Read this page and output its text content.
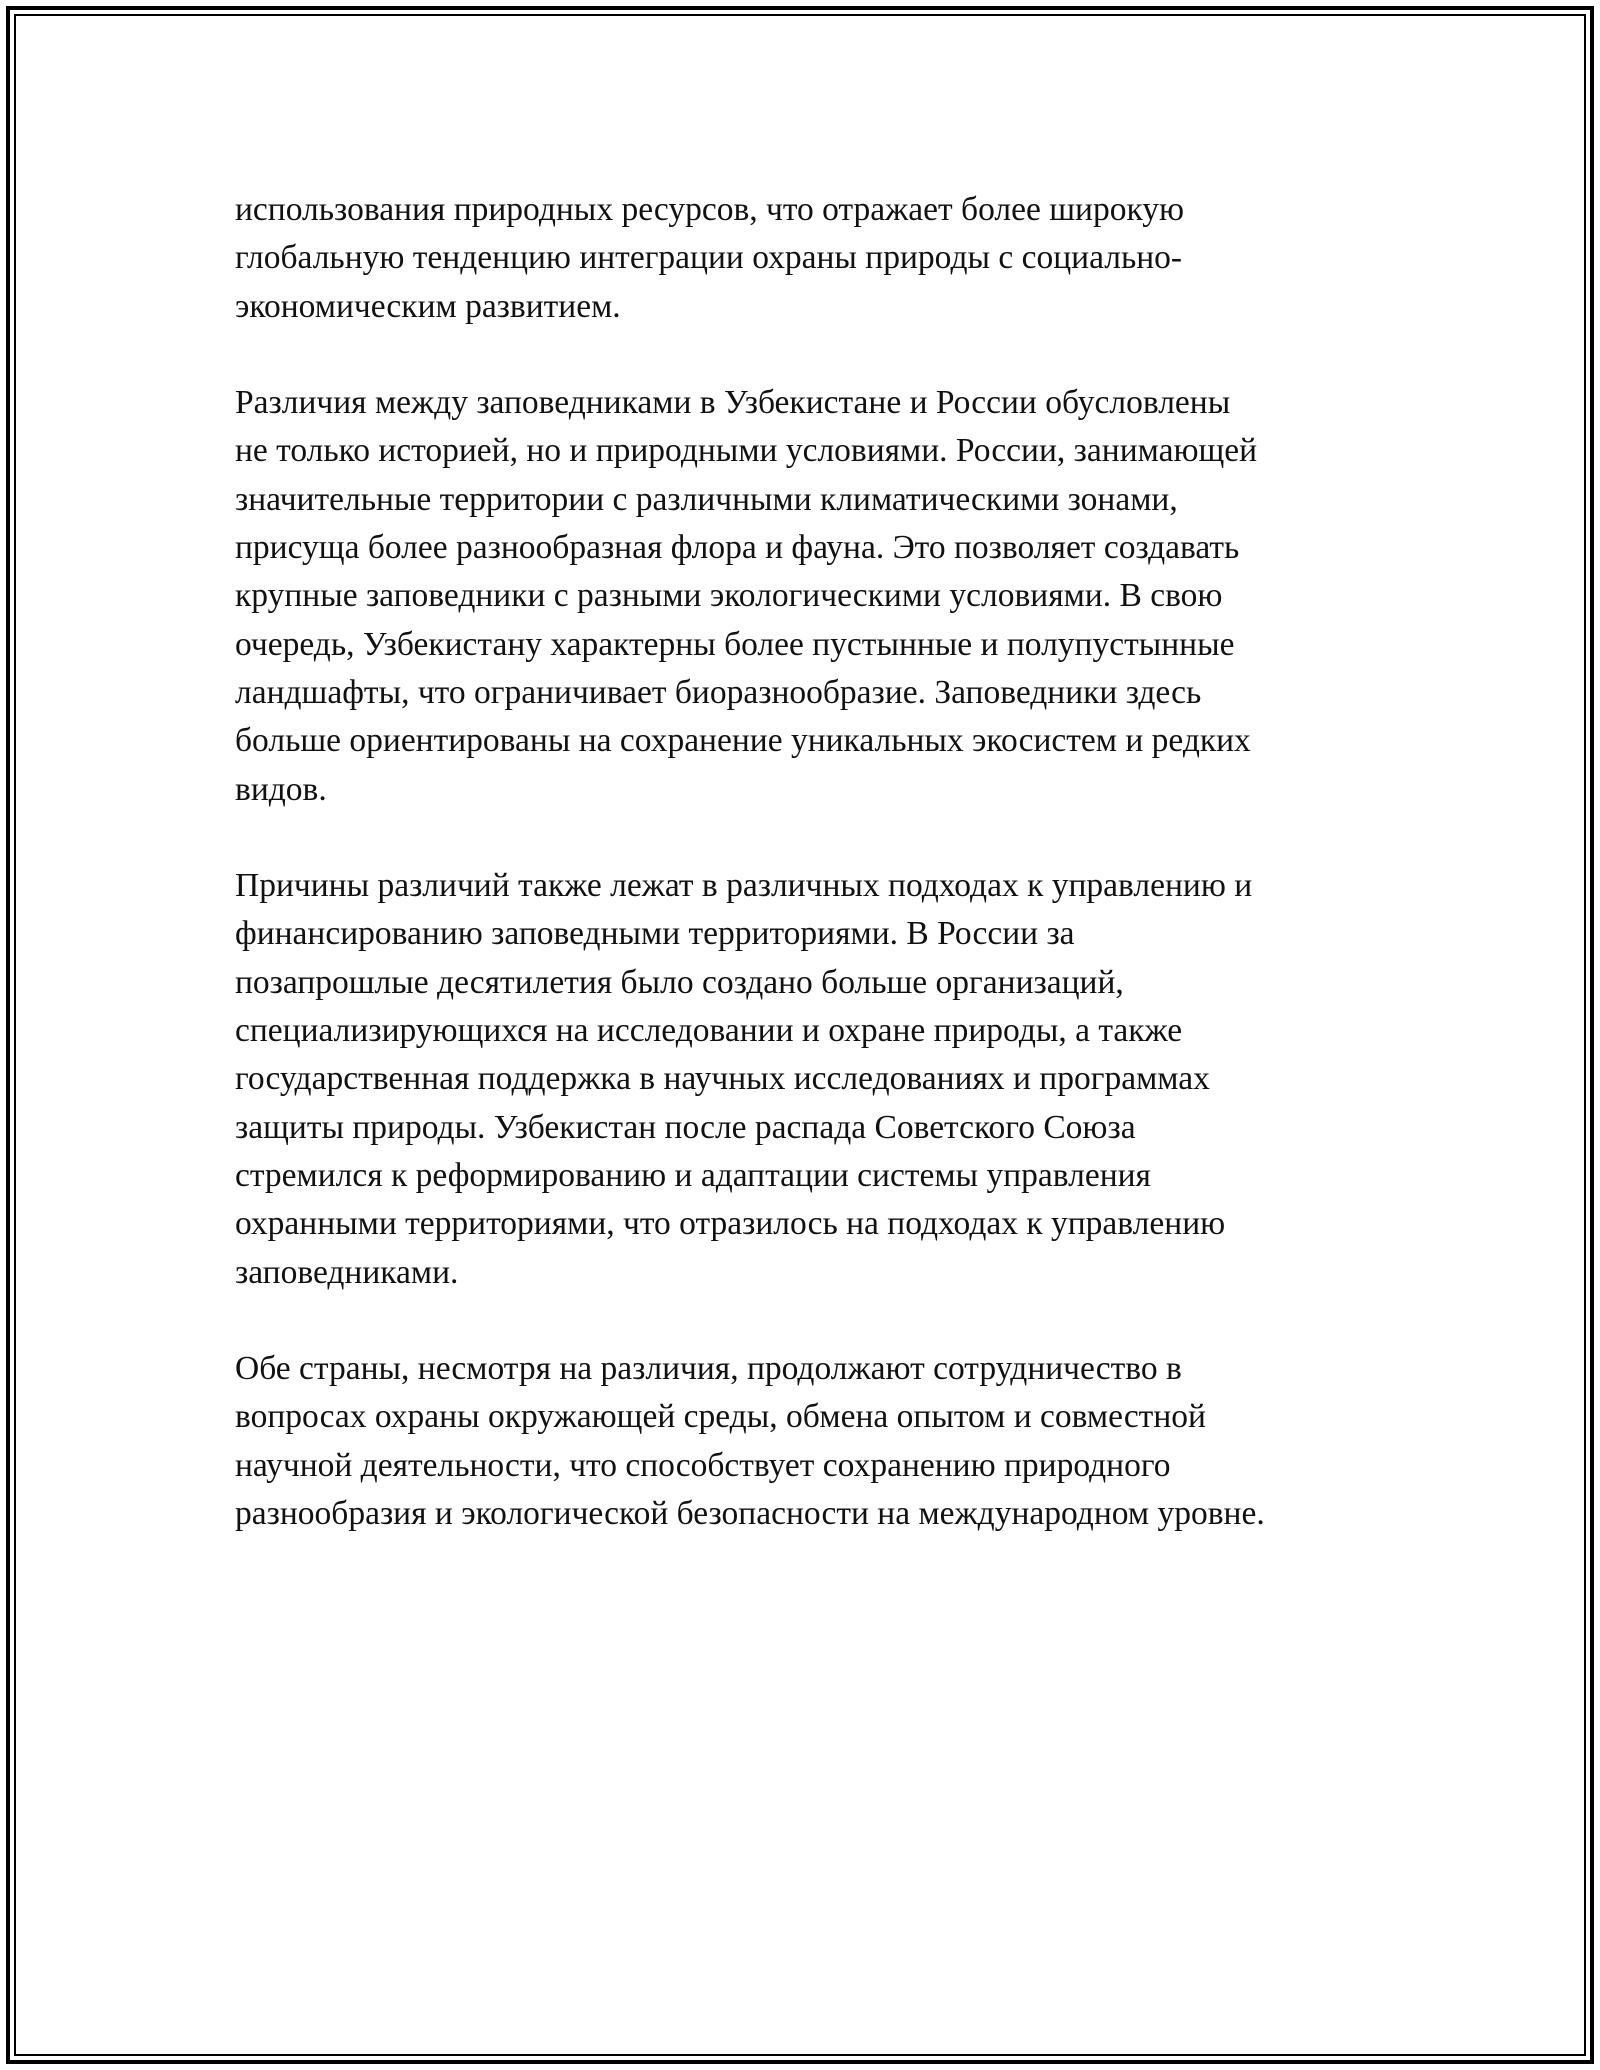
использования природных ресурсов, что отражает более широкую
глобальную тенденцию интеграции охраны природы с социально-
экономическим развитием.
Различия между заповедниками в Узбекистане и России обусловлены
не только историей, но и природными условиями. России, занимающей
значительные территории с различными климатическими зонами,
присуща более разнообразная флора и фауна. Это позволяет создавать
крупные заповедники с разными экологическими условиями. В свою
очередь, Узбекистану характерны более пустынные и полупустынные
ландшафты, что ограничивает биоразнообразие. Заповедники здесь
больше ориентированы на сохранение уникальных экосистем и редких
видов.
Причины различий также лежат в различных подходах к управлению и
финансированию заповедными территориями. В России за
позапрошлые десятилетия было создано больше организаций,
специализирующихся на исследовании и охране природы, а также
государственная поддержка в научных исследованиях и программах
защиты природы. Узбекистан после распада Советского Союза
стремился к реформированию и адаптации системы управления
охранными территориями, что отразилось на подходах к управлению
заповедниками.
Обе страны, несмотря на различия, продолжают сотрудничество в
вопросах охраны окружающей среды, обмена опытом и совместной
научной деятельности, что способствует сохранению природного
разнообразия и экологической безопасности на международном уровне.
